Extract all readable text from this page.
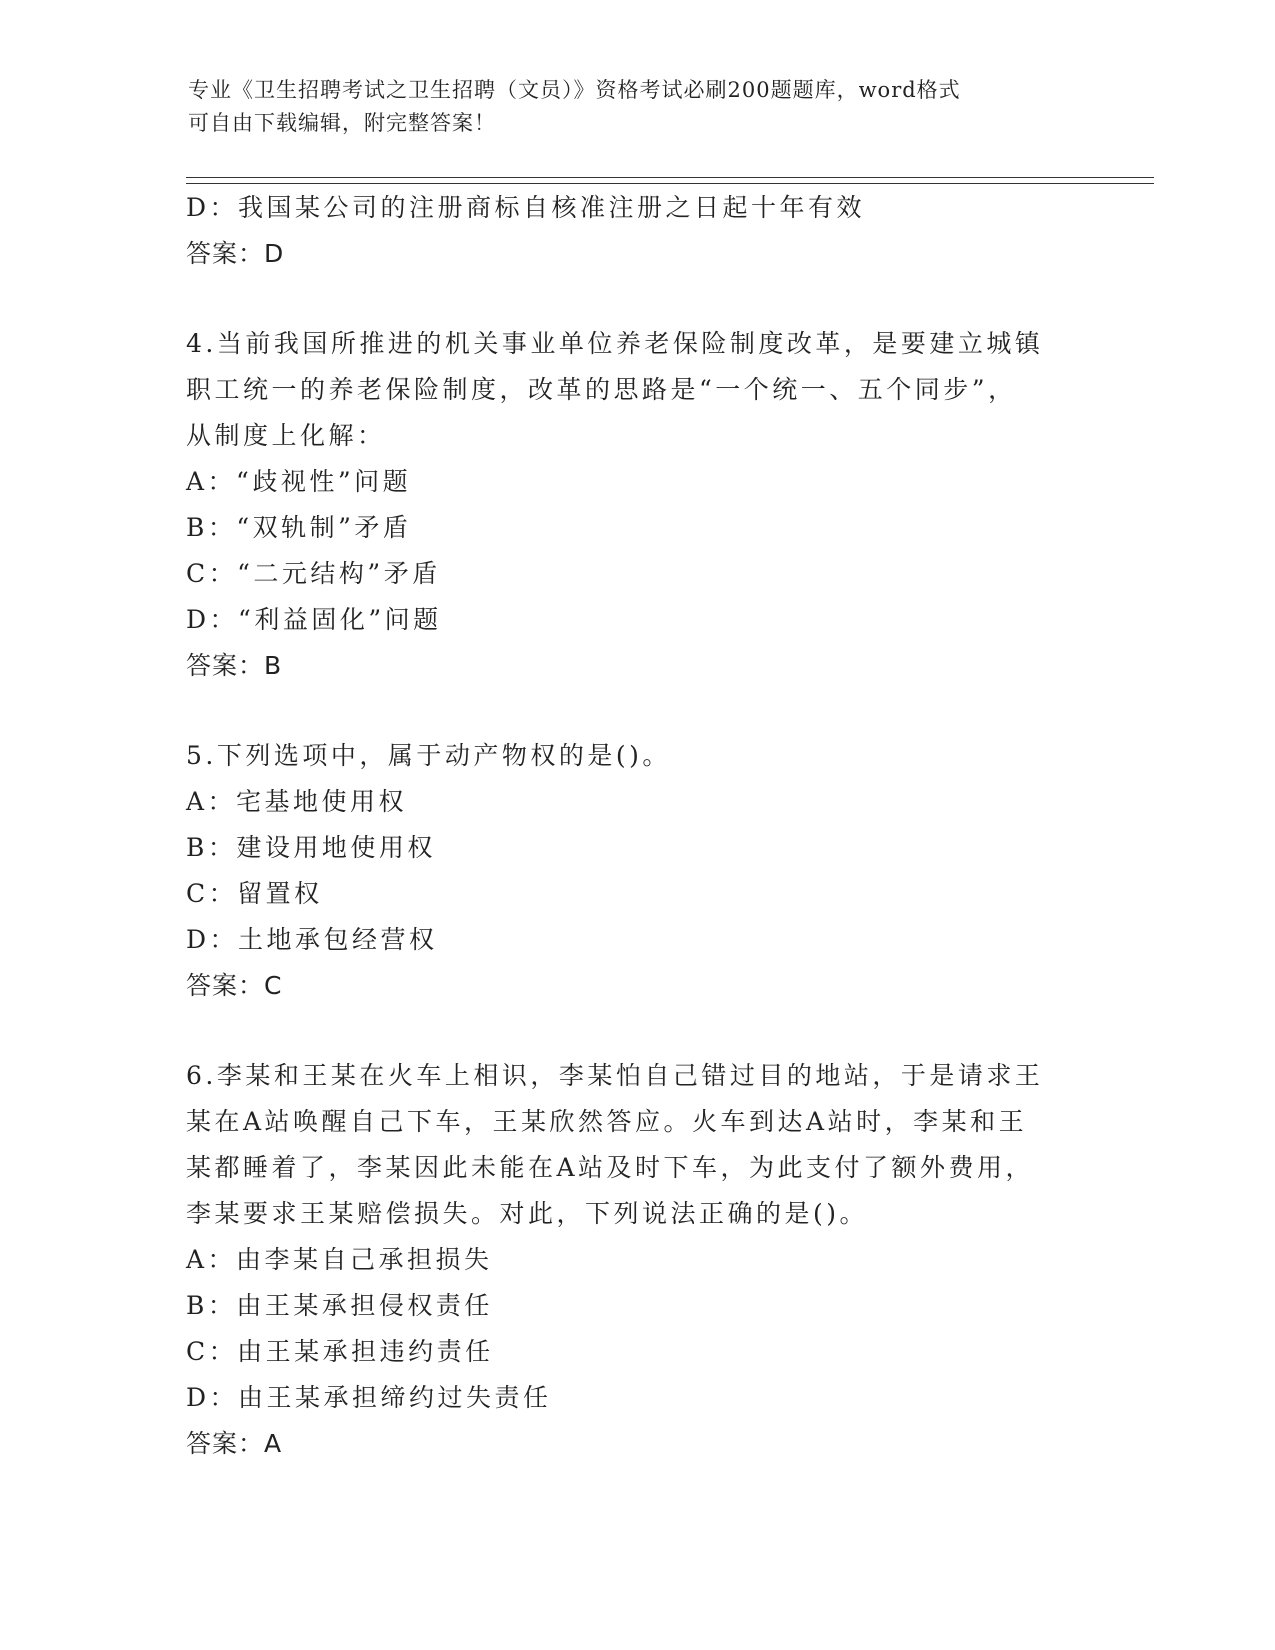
专业《卫生招聘考试之卫生招聘（文员）》资格考试必刷200题题库，word格式
可自由下载编辑，附完整答案！
D：我国某公司的注册商标自核准注册之日起十年有效
答案：D
4.当前我国所推进的机关事业单位养老保险制度改革，是要建立城镇
职工统一的养老保险制度，改革的思路是“一个统一、五个同步”，
从制度上化解：
A：“歧视性”问题
B：“双轨制”矛盾
C：“二元结构”矛盾
D：“利益固化”问题
答案：B
5.下列选项中，属于动产物权的是()。
A：宅基地使用权
B：建设用地使用权
C：留置权
D：土地承包经营权
答案：C
6.李某和王某在火车上相识，李某怕自己错过目的地站，于是请求王
某在A站唤醒自己下车，王某欣然答应。火车到达A站时，李某和王
某都睡着了，李某因此未能在A站及时下车，为此支付了额外费用，
李某要求王某赔偿损失。对此，下列说法正确的是()。
A：由李某自己承担损失
B：由王某承担侵权责任
C：由王某承担违约责任
D：由王某承担缔约过失责任
答案：A
